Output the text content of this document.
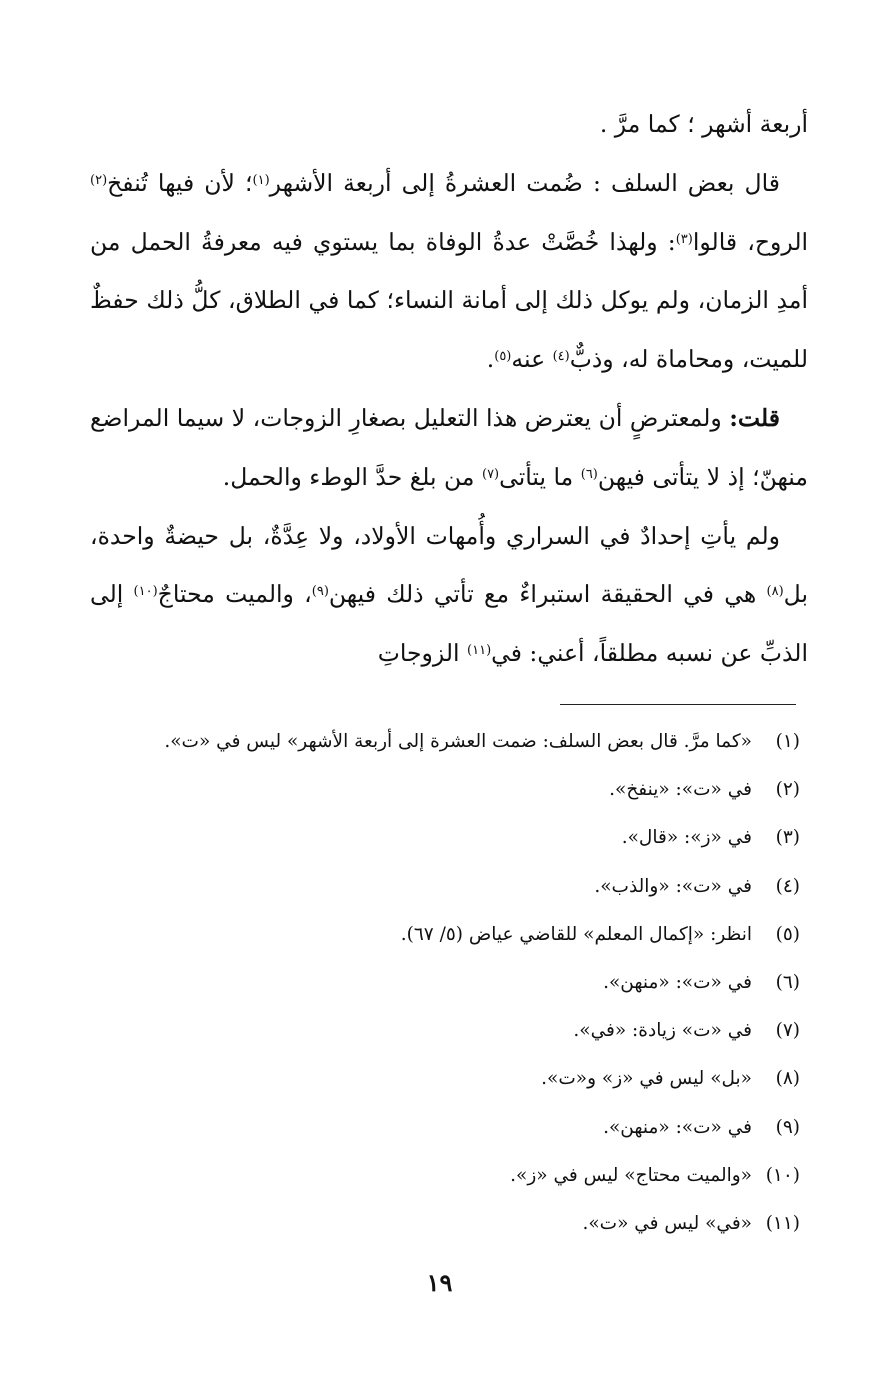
أربعة أشهر ؛ كما مرَّ .

قال بعض السلف : ضُمت العشرةُ إلى أربعة الأشهر$^{(١)}$؛ لأن فيها تُنفخ$^{(٢)}$ الروح، قالوا$^{(٣)}$: ولهذا خُصَّتْ عدةُ الوفاة بما يستوي فيه معرفةُ الحمل من أمدِ الزمان، ولم يوكل ذلك إلى أمانة النساء؛ كما في الطلاق، كلُّ ذلك حفظٌ للميت، ومحاماة له، وذبٌّ$^{(٤)}$ عنه$^{(٥)}$.

قلت: ولمعترضٍ أن يعترض هذا التعليل بصغارِ الزوجات، لا سيما المراضع منهنّ؛ إذ لا يتأتى فيهن$^{(٦)}$ ما يتأتى$^{(٧)}$ من بلغ حدَّ الوطء والحمل.

ولم يأتِ إحدادٌ في السراري وأُمهات الأولاد، ولا عِدَّةٌ، بل حيضةٌ واحدة، بل$^{(٨)}$ هي في الحقيقة استبراءٌ مع تأتي ذلك فيهن$^{(٩)}$، والميت محتاجٌ$^{(١٠)}$ إلى الذبِّ عن نسبه مطلقاً، أعني: في$^{(١١)}$ الزوجاتِ

(١)«كما مرَّ. قال بعض السلف: ضمت العشرة إلى أربعة الأشهر» ليس في «ت».
(٢)في «ت»: «ينفخ».
(٣)في «ز»: «قال».
(٤)في «ت»: «والذب».
(٥)انظر: «إكمال المعلم» للقاضي عياض (٥/ ٦٧).
(٦)في «ت»: «منهن».
(٧)في «ت» زيادة: «في».
(٨)«بل» ليس في «ز» و«ت».
(٩)في «ت»: «منهن».
(١٠)«والميت محتاج» ليس في «ز».
(١١)«في» ليس في «ت».
١٩
